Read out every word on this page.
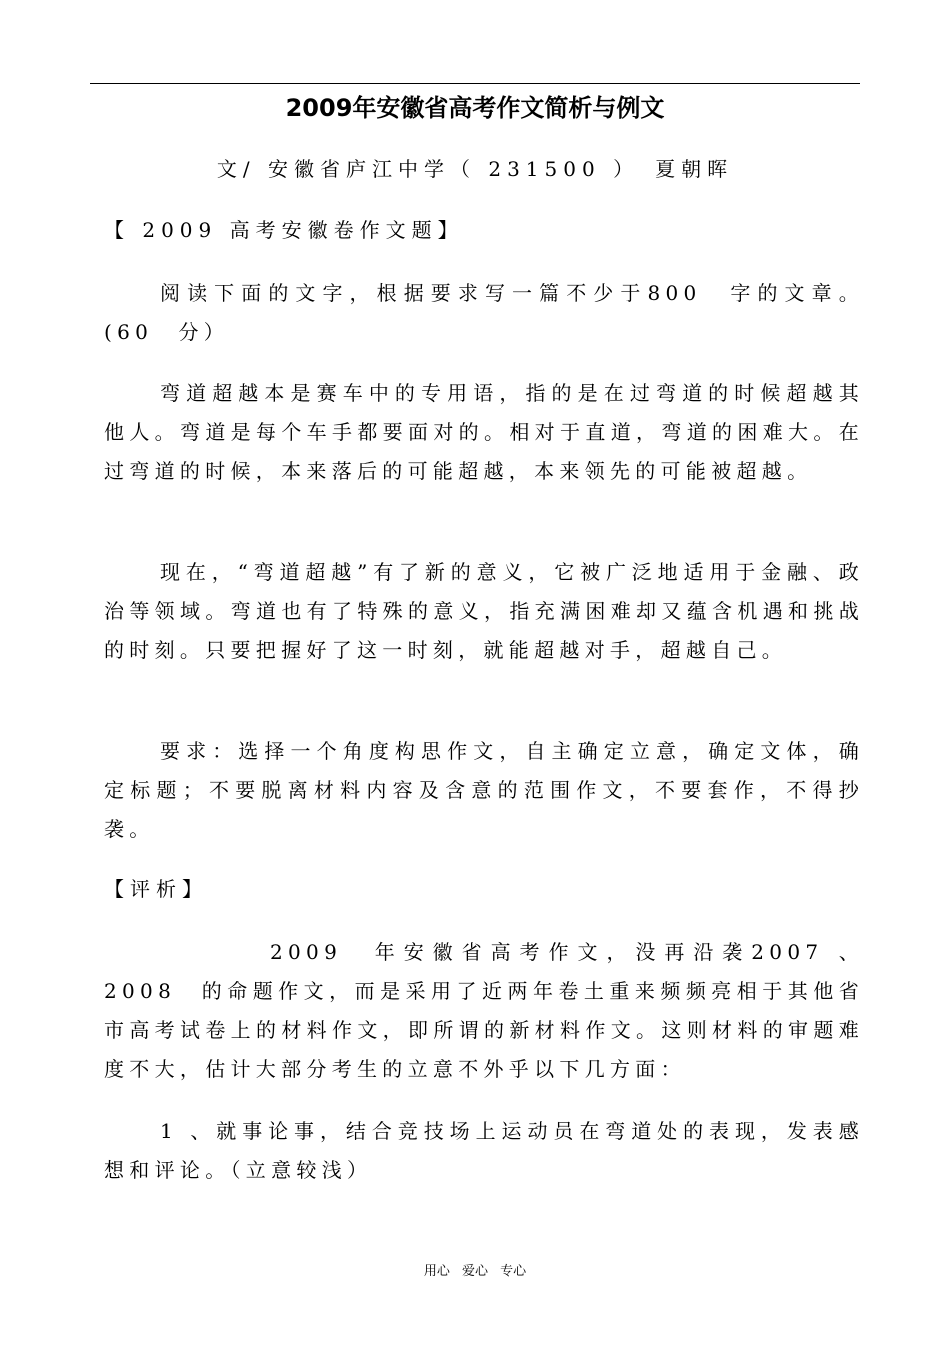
2009年安徽省高考作文简析与例文
文/ 安徽省庐江中学（ 231500 ）　夏朝晖
【 2009 高考安徽卷作文题】

阅读下面的文字，根据要求写一篇不少于800　字的文章。(60　分）

弯道超越本是赛车中的专用语，指的是在过弯道的时候超越其他人。弯道是每个车手都要面对的。相对于直道，弯道的困难大。在过弯道的时候，本来落后的可能超越，本来领先的可能被超越。

现在，“弯道超越”有了新的意义，它被广泛地适用于金融、政治等领域。弯道也有了特殊的意义，指充满困难却又蕴含机遇和挑战的时刻。只要把握好了这一时刻，就能超越对手，超越自己。

要求：选择一个角度构思作文，自主确定立意，确定文体，确定标题；不要脱离材料内容及含意的范围作文，不要套作，不得抄袭。

【评析】

2009　年安徽省高考作文，没再沿袭2007 、2008　的命题作文，而是采用了近两年卷土重来频频亮相于其他省市高考试卷上的材料作文，即所谓的新材料作文。这则材料的审题难度不大，估计大部分考生的立意不外乎以下几方面：

1 、就事论事，结合竞技场上运动员在弯道处的表现，发表感想和评论。（立意较浅）

用心 爱心 专心
